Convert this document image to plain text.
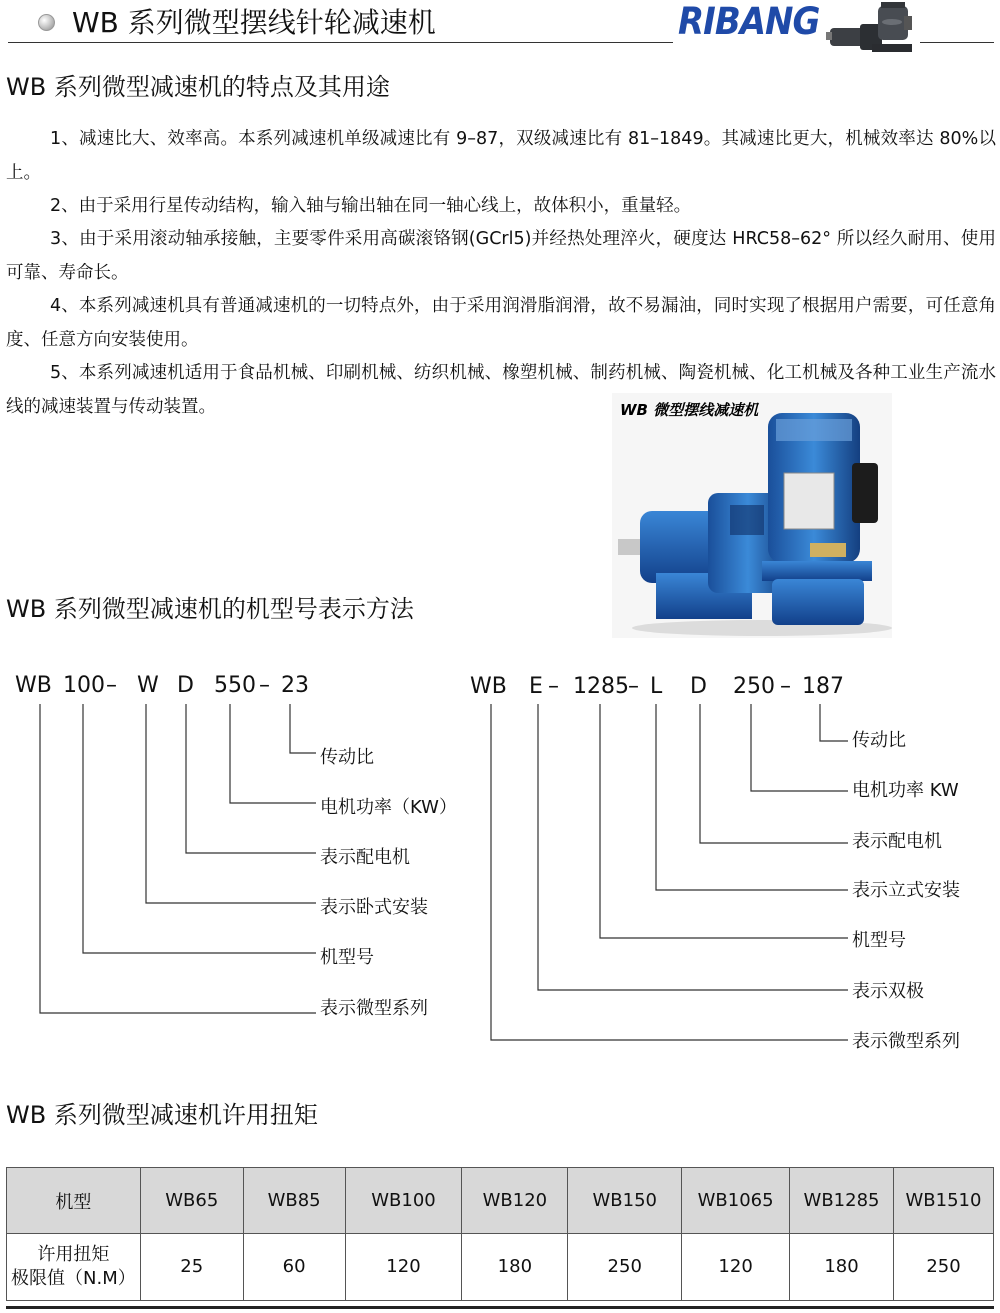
WB 系列微型摆线针轮减速机	RIBANG
WB 系列微型减速机的特点及其用途

1、减速比大、效率高。本系列减速机单级减速比有 9–87，双级减速比有 81–1849。其减速比更大，机械效率达 80%以上。

2、由于采用行星传动结构，输入轴与输出轴在同一轴心线上，故体积小，重量轻。

3、由于采用滚动轴承接触，主要零件采用高碳滚铬钢(GCrl5)并经热处理淬火，硬度达 HRC58–62° 所以经久耐用、使用可靠、寿命长。

4、本系列减速机具有普通减速机的一切特点外，由于采用润滑脂润滑，故不易漏油，同时实现了根据用户需要，可任意角度、任意方向安装使用。

5、本系列减速机适用于食品机械、印刷机械、纺织机械、橡塑机械、制药机械、陶瓷机械、化工机械及各种工业生产流水线的减速装置与传动装置。	WB 微型摆线减速机
WB 系列微型减速机的机型号表示方法
WB 100 – W D 550 – 23	WB E – 1285 – L D 250 – 187
传动比
电机功率（KW）
表示配电机
表示卧式安装
机型号
表示微型系列
传动比
电机功率 KW
表示配电机
表示立式安装
机型号
表示双极
表示微型系列
WB 系列微型减速机许用扭矩
机型	WB65	WB85	WB100	WB120	WB150	WB1065	WB1285	WB1510

许用扭矩
极限值（N.M）	25	60	120	180	250	120	180	250
